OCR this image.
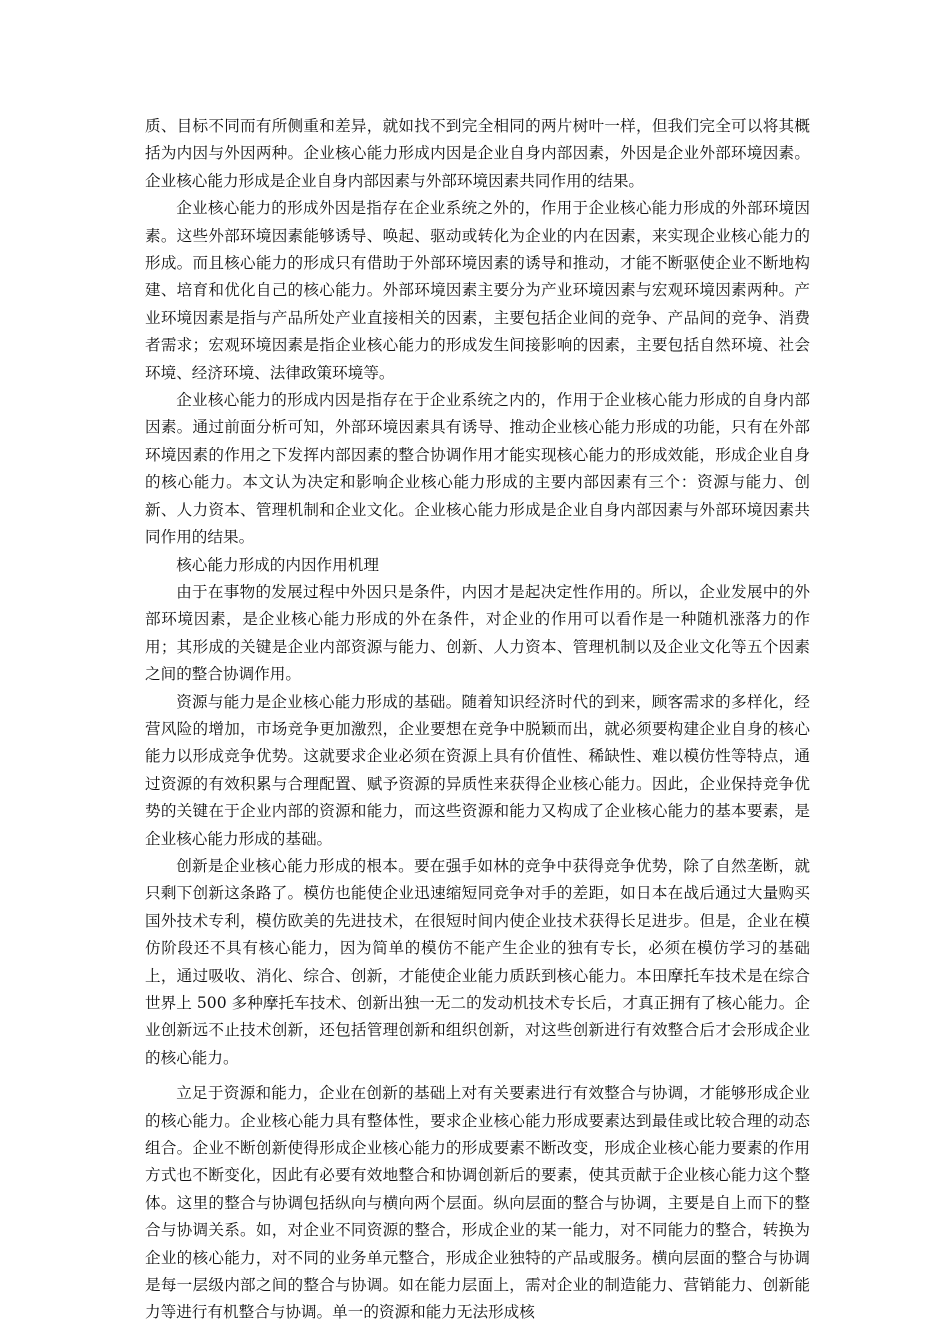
质、目标不同而有所侧重和差异，就如找不到完全相同的两片树叶一样，但我们完全可以将其概括为内因与外因两种。企业核心能力形成内因是企业自身内部因素，外因是企业外部环境因素。企业核心能力形成是企业自身内部因素与外部环境因素共同作用的结果。

企业核心能力的形成外因是指存在企业系统之外的，作用于企业核心能力形成的外部环境因素。这些外部环境因素能够诱导、唤起、驱动或转化为企业的内在因素，来实现企业核心能力的形成。而且核心能力的形成只有借助于外部环境因素的诱导和推动，才能不断驱使企业不断地构建、培育和优化自己的核心能力。外部环境因素主要分为产业环境因素与宏观环境因素两种。产业环境因素是指与产品所处产业直接相关的因素，主要包括企业间的竞争、产品间的竞争、消费者需求；宏观环境因素是指企业核心能力的形成发生间接影响的因素，主要包括自然环境、社会环境、经济环境、法律政策环境等。

企业核心能力的形成内因是指存在于企业系统之内的，作用于企业核心能力形成的自身内部因素。通过前面分析可知，外部环境因素具有诱导、推动企业核心能力形成的功能，只有在外部环境因素的作用之下发挥内部因素的整合协调作用才能实现核心能力的形成效能，形成企业自身的核心能力。本文认为决定和影响企业核心能力形成的主要内部因素有三个：资源与能力、创新、人力资本、管理机制和企业文化。企业核心能力形成是企业自身内部因素与外部环境因素共同作用的结果。

核心能力形成的内因作用机理

由于在事物的发展过程中外因只是条件，内因才是起决定性作用的。所以，企业发展中的外部环境因素，是企业核心能力形成的外在条件，对企业的作用可以看作是一种随机涨落力的作用；其形成的关键是企业内部资源与能力、创新、人力资本、管理机制以及企业文化等五个因素之间的整合协调作用。

资源与能力是企业核心能力形成的基础。随着知识经济时代的到来，顾客需求的多样化，经营风险的增加，市场竞争更加激烈，企业要想在竞争中脱颖而出，就必须要构建企业自身的核心能力以形成竞争优势。这就要求企业必须在资源上具有价值性、稀缺性、难以模仿性等特点，通过资源的有效积累与合理配置、赋予资源的异质性来获得企业核心能力。因此，企业保持竞争优势的关键在于企业内部的资源和能力，而这些资源和能力又构成了企业核心能力的基本要素，是企业核心能力形成的基础。

创新是企业核心能力形成的根本。要在强手如林的竞争中获得竞争优势，除了自然垄断，就只剩下创新这条路了。模仿也能使企业迅速缩短同竞争对手的差距，如日本在战后通过大量购买国外技术专利，模仿欧美的先进技术，在很短时间内使企业技术获得长足进步。但是，企业在模仿阶段还不具有核心能力，因为简单的模仿不能产生企业的独有专长，必须在模仿学习的基础上，通过吸收、消化、综合、创新，才能使企业能力质跃到核心能力。本田摩托车技术是在综合世界上 500 多种摩托车技术、创新出独一无二的发动机技术专长后，才真正拥有了核心能力。企业创新远不止技术创新，还包括管理创新和组织创新，对这些创新进行有效整合后才会形成企业的核心能力。

立足于资源和能力，企业在创新的基础上对有关要素进行有效整合与协调，才能够形成企业的核心能力。企业核心能力具有整体性，要求企业核心能力形成要素达到最佳或比较合理的动态组合。企业不断创新使得形成企业核心能力的形成要素不断改变，形成企业核心能力要素的作用方式也不断变化，因此有必要有效地整合和协调创新后的要素，使其贡献于企业核心能力这个整体。这里的整合与协调包括纵向与横向两个层面。纵向层面的整合与协调，主要是自上而下的整合与协调关系。如，对企业不同资源的整合，形成企业的某一能力，对不同能力的整合，转换为企业的核心能力，对不同的业务单元整合，形成企业独特的产品或服务。横向层面的整合与协调是每一层级内部之间的整合与协调。如在能力层面上，需对企业的制造能力、营销能力、创新能力等进行有机整合与协调。单一的资源和能力无法形成核
